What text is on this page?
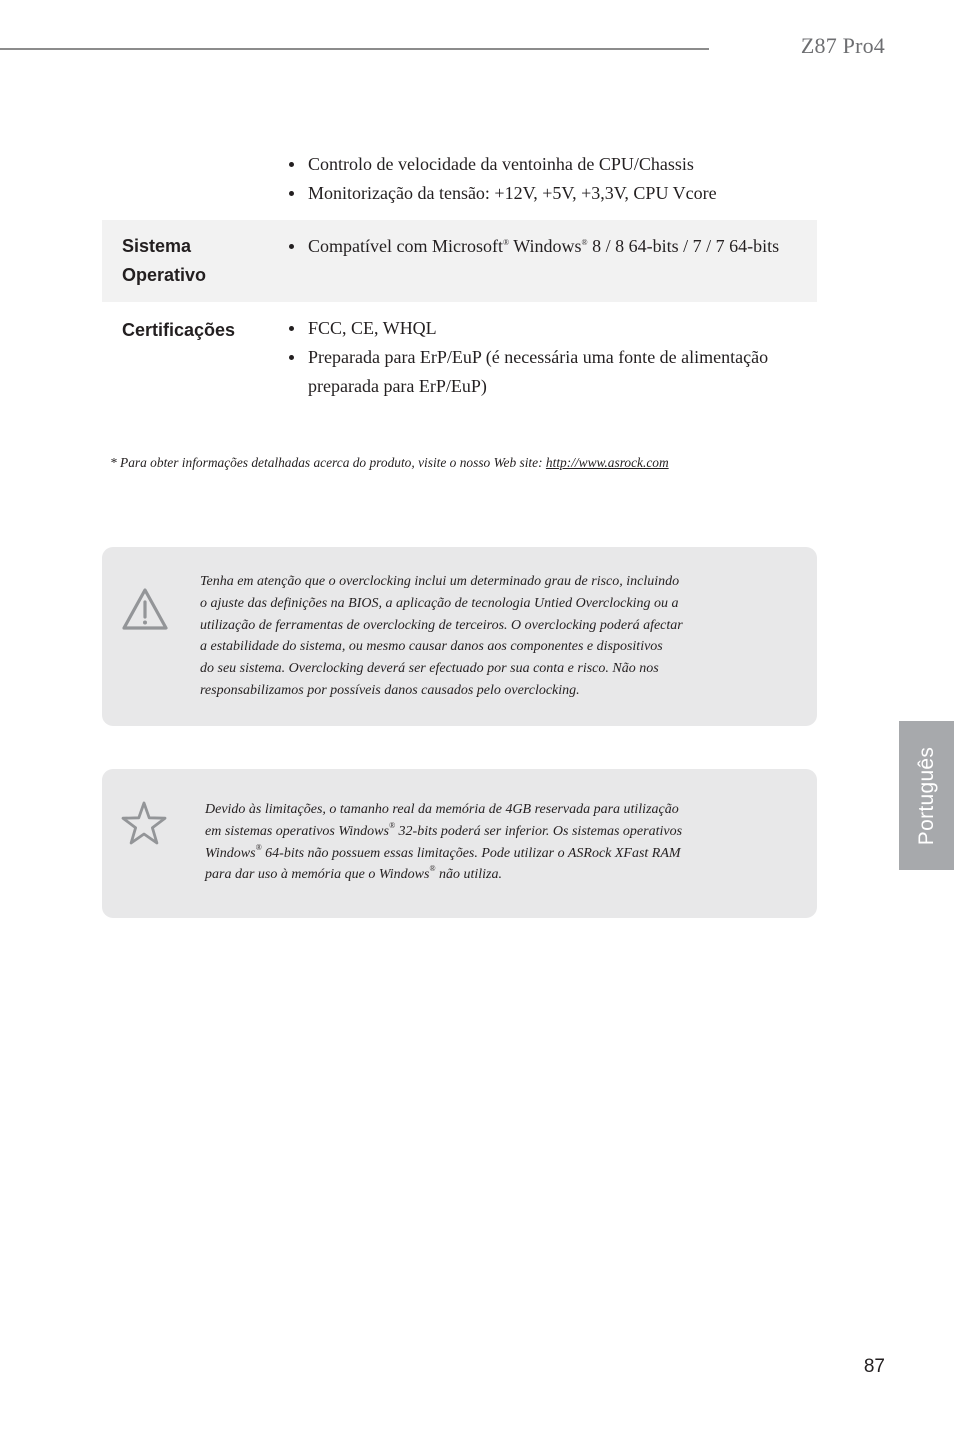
Z87 Pro4
Controlo de velocidade da ventoinha de CPU/Chassis
Monitorização da tensão: +12V, +5V, +3,3V, CPU Vcore
Sistema
Operativo
Compatível com Microsoft® Windows® 8 / 8 64-bits / 7 / 7 64-bits
Certificações	FCC, CE, WHQL
Preparada para ErP/EuP (é necessária uma fonte de alimentação preparada para ErP/EuP)
* Para obter informações detalhadas acerca do produto, visite o nosso Web site: http://www.asrock.com
Tenha em atenção que o overclocking inclui um determinado grau de risco, incluindo
o ajuste das definições na BIOS, a aplicação de tecnologia Untied Overclocking ou a
utilização de ferramentas de overclocking de terceiros. O overclocking poderá afectar
a estabilidade do sistema, ou mesmo causar danos aos componentes e dispositivos
do seu sistema. Overclocking deverá ser efectuado por sua conta e risco. Não nos
responsabilizamos por possíveis danos causados pelo overclocking.
Devido às limitações, o tamanho real da memória de 4GB reservada para utilização
em sistemas operativos Windows® 32-bits poderá ser inferior. Os sistemas operativos
Windows® 64-bits não possuem essas limitações. Pode utilizar o ASRock XFast RAM
para dar uso à memória que o Windows® não utiliza.
Português
87
